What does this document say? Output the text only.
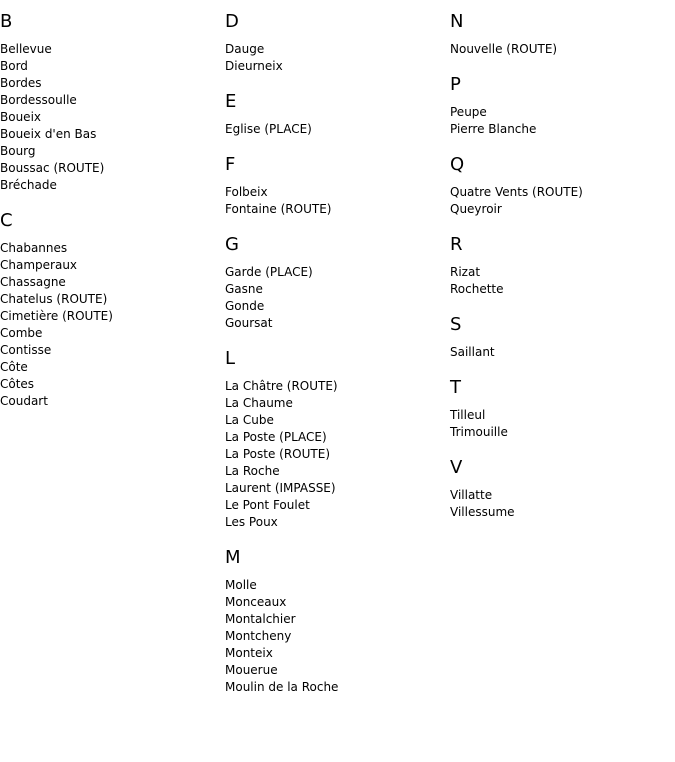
B
Bellevue
Bord
Bordes
Bordessoulle
Boueix
Boueix d'en Bas
Bourg
Boussac (ROUTE)
Bréchade
C
Chabannes
Champeraux
Chassagne
Chatelus (ROUTE)
Cimetière (ROUTE)
Combe
Contisse
Côte
Côtes
Coudart
D
Dauge
Dieurneix
E
Eglise (PLACE)
F
Folbeix
Fontaine (ROUTE)
G
Garde (PLACE)
Gasne
Gonde
Goursat
L
La Châtre (ROUTE)
La Chaume
La Cube
La Poste (PLACE)
La Poste (ROUTE)
La Roche
Laurent (IMPASSE)
Le Pont Foulet
Les Poux
M
Molle
Monceaux
Montalchier
Montcheny
Monteix
Mouerue
Moulin de la Roche
N
Nouvelle (ROUTE)
P
Peupe
Pierre Blanche
Q
Quatre Vents (ROUTE)
Queyroir
R
Rizat
Rochette
S
Saillant
T
Tilleul
Trimouille
V
Villatte
Villessume
